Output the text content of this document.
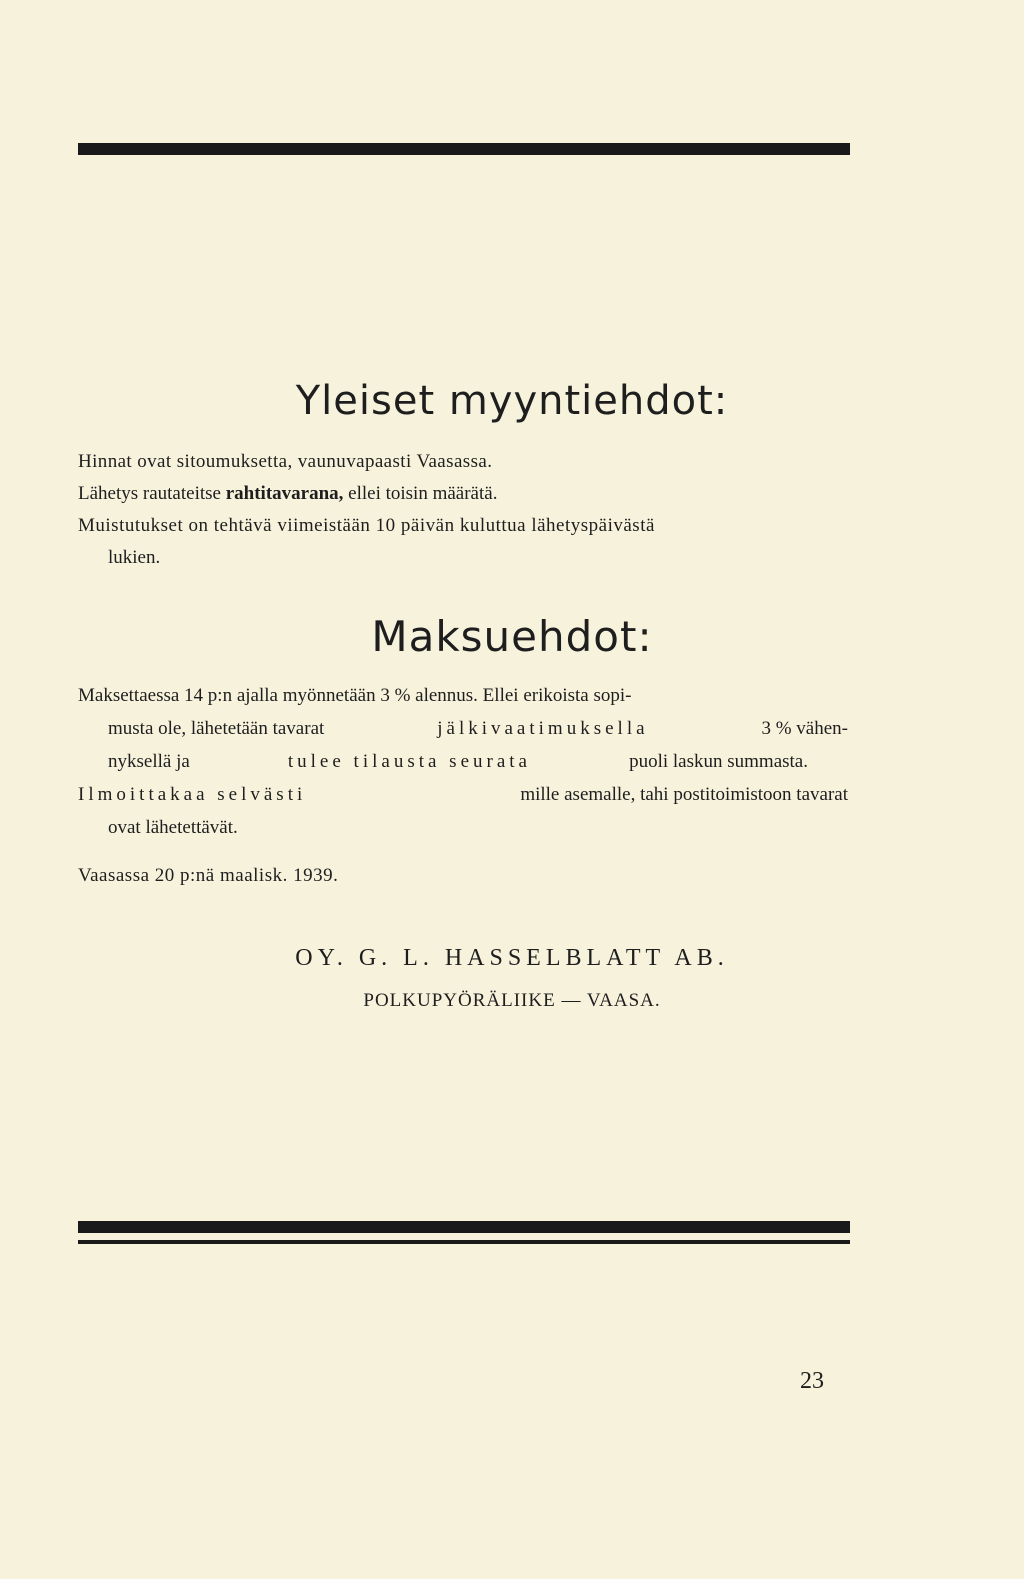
Yleiset myyntiehdot:
Hinnat ovat sitoumuksetta, vaunuvapaasti Vaasassa.
Lähetys rautateitse rahtitavarana, ellei toisin määrätä.
Muistutukset on tehtävä viimeistään 10 päivän kuluttua lähetyspäivästä
lukien.
Maksuehdot:
Maksettaessa 14 p:n ajalla myönnetään 3 % alennus. Ellei erikoista sopi-
musta ole, lähetetään tavarat	jälkivaatimuksella	3 % vähen-
nyksellä ja	tulee tilausta seurata	puoli laskun summasta.
Ilmoittakaa selvästi	mille asemalle, tahi postitoimistoon tavarat
ovat lähetettävät.
Vaasassa 20 p:nä maalisk. 1939.
OY. G. L. HASSELBLATT AB.
POLKUPYÖRÄLIIKE — VAASA.
23
